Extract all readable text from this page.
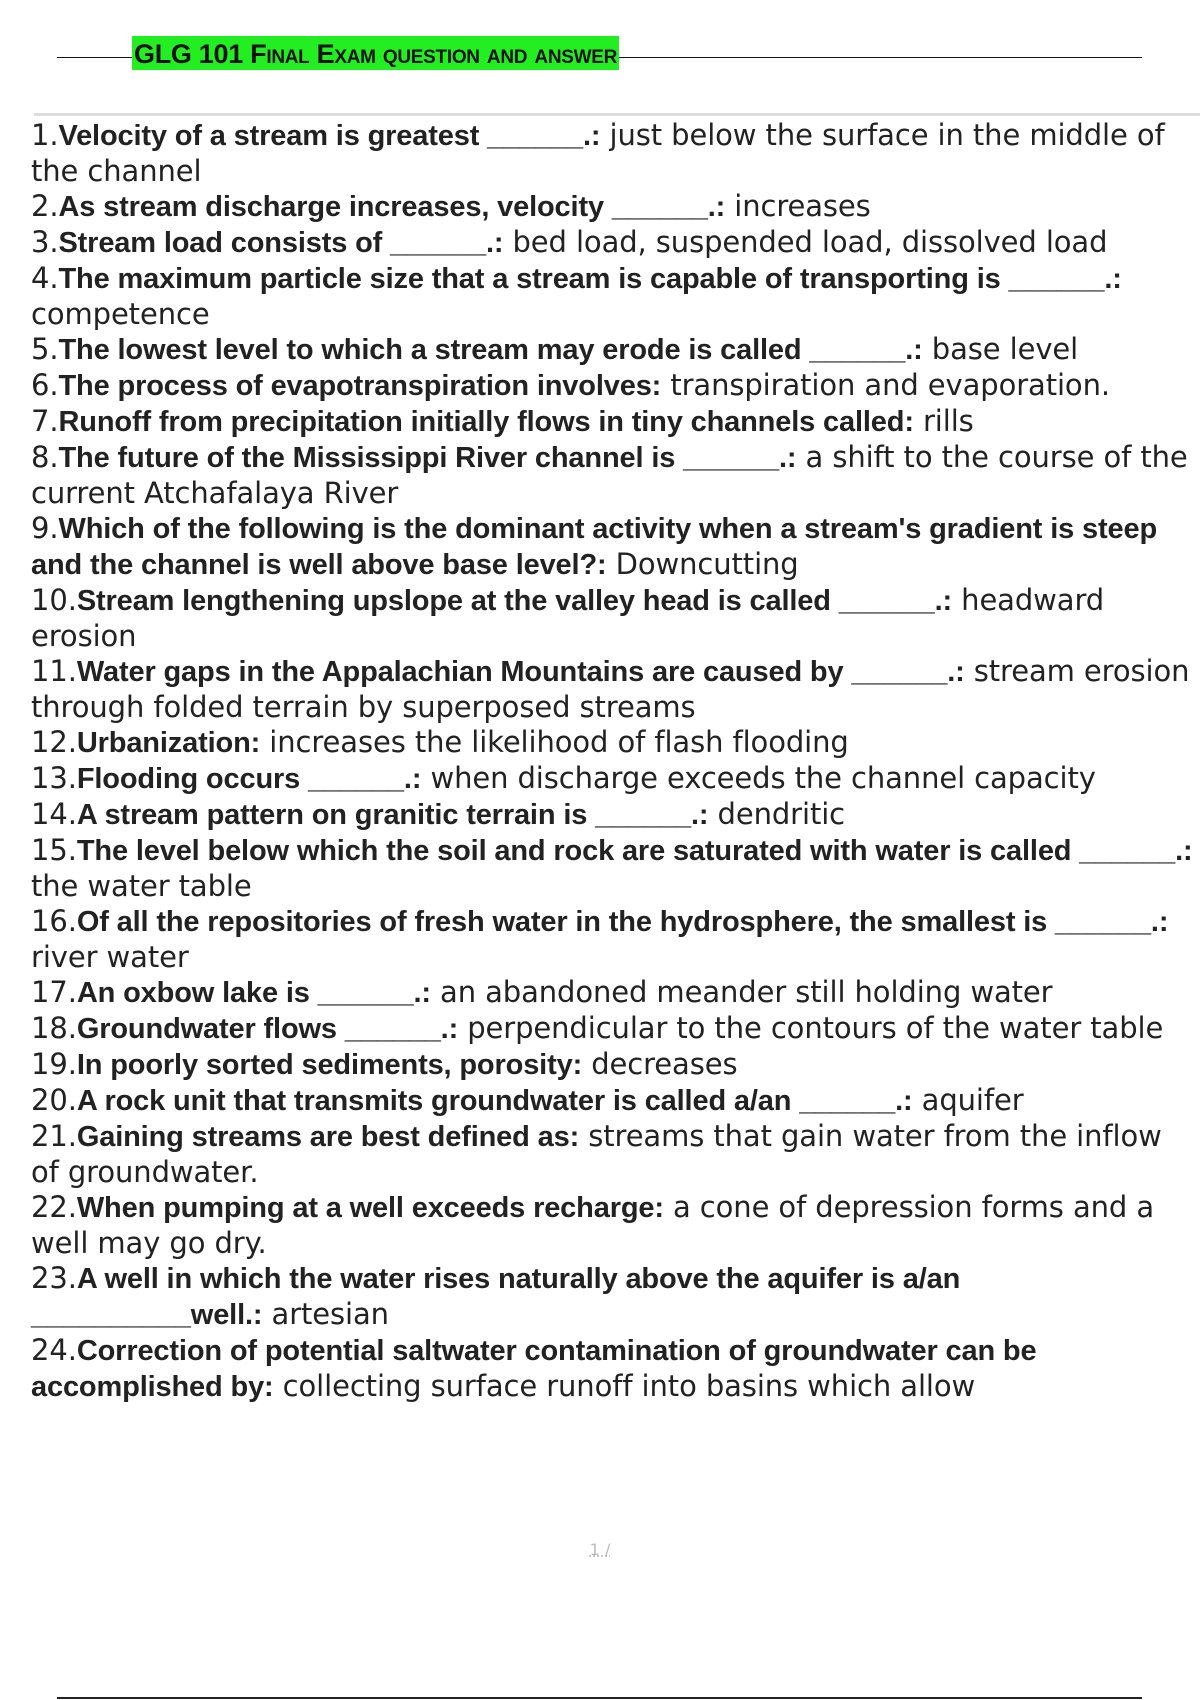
GLG 101 Final Exam question and answer
1.Velocity of a stream is greatest ______.: just below the surface in the middle of the channel
2.As stream discharge increases, velocity ______.: increases
3.Stream load consists of ______.: bed load, suspended load, dissolved load
4.The maximum particle size that a stream is capable of transporting is ______.: competence
5.The lowest level to which a stream may erode is called ______.: base level
6.The process of evapotranspiration involves: transpiration and evaporation.
7.Runoff from precipitation initially flows in tiny channels called: rills
8.The future of the Mississippi River channel is ______.: a shift to the course of the current Atchafalaya River
9.Which of the following is the dominant activity when a stream's gradient is steep and the channel is well above base level?: Downcutting
10.Stream lengthening upslope at the valley head is called ______.: headward erosion
11.Water gaps in the Appalachian Mountains are caused by ______.: stream erosion through folded terrain by superposed streams
12.Urbanization: increases the likelihood of flash flooding
13.Flooding occurs ______.: when discharge exceeds the channel capacity
14.A stream pattern on granitic terrain is ______.: dendritic
15.The level below which the soil and rock are saturated with water is called ______.: the water table
16.Of all the repositories of fresh water in the hydrosphere, the smallest is ______.: river water
17.An oxbow lake is ______.: an abandoned meander still holding water
18.Groundwater flows ______.: perpendicular to the contours of the water table
19.In poorly sorted sediments, porosity: decreases
20.A rock unit that transmits groundwater is called a/an ______.: aquifer
21.Gaining streams are best defined as: streams that gain water from the inflow of groundwater.
22.When pumping at a well exceeds recharge: a cone of depression forms and a well may go dry.
23.A well in which the water rises naturally above the aquifer is a/an __________well.: artesian
24.Correction of potential saltwater contamination of groundwater can be accomplished by: collecting surface runoff into basins which allow
1 /
